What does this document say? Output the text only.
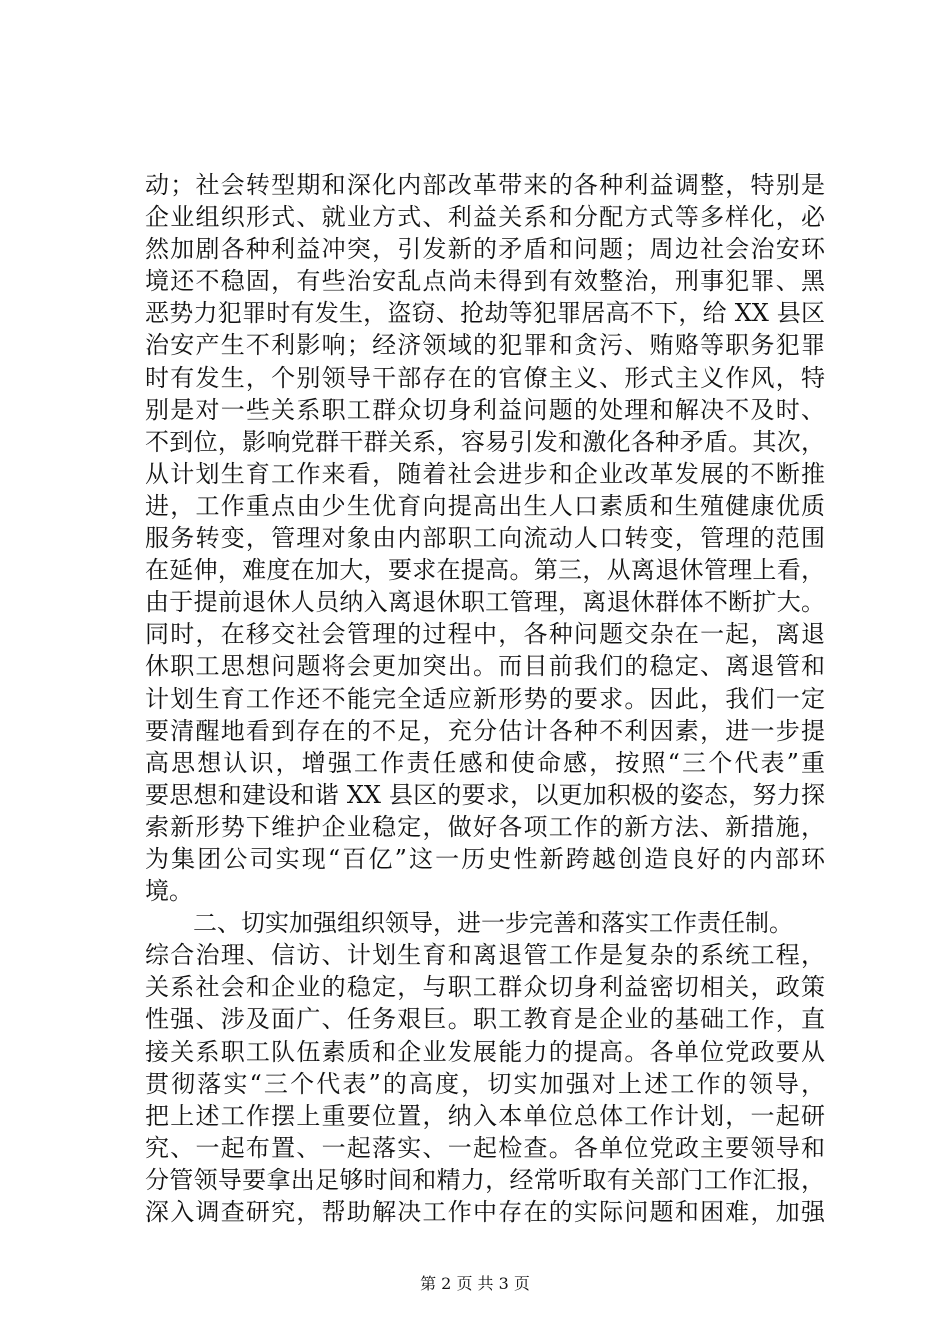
动；社会转型期和深化内部改革带来的各种利益调整，特别是
企业组织形式、就业方式、利益关系和分配方式等多样化，必
然加剧各种利益冲突，引发新的矛盾和问题；周边社会治安环
境还不稳固，有些治安乱点尚未得到有效整治，刑事犯罪、黑
恶势力犯罪时有发生，盗窃、抢劫等犯罪居高不下，给 XX 县区
治安产生不利影响；经济领域的犯罪和贪污、贿赂等职务犯罪
时有发生，个别领导干部存在的官僚主义、形式主义作风，特
别是对一些关系职工群众切身利益问题的处理和解决不及时、
不到位，影响党群干群关系，容易引发和激化各种矛盾。其次，
从计划生育工作来看，随着社会进步和企业改革发展的不断推
进，工作重点由少生优育向提高出生人口素质和生殖健康优质
服务转变，管理对象由内部职工向流动人口转变，管理的范围
在延伸，难度在加大，要求在提高。第三，从离退休管理上看，
由于提前退休人员纳入离退休职工管理，离退休群体不断扩大。
同时，在移交社会管理的过程中，各种问题交杂在一起，离退
休职工思想问题将会更加突出。而目前我们的稳定、离退管和
计划生育工作还不能完全适应新形势的要求。因此，我们一定
要清醒地看到存在的不足，充分估计各种不利因素，进一步提
高思想认识，增强工作责任感和使命感，按照“三个代表”重
要思想和建设和谐 XX 县区的要求，以更加积极的姿态，努力探
索新形势下维护企业稳定，做好各项工作的新方法、新措施，
为集团公司实现“百亿”这一历史性新跨越创造良好的内部环
境。
二、切实加强组织领导，进一步完善和落实工作责任制。
综合治理、信访、计划生育和离退管工作是复杂的系统工程，
关系社会和企业的稳定，与职工群众切身利益密切相关，政策
性强、涉及面广、任务艰巨。职工教育是企业的基础工作，直
接关系职工队伍素质和企业发展能力的提高。各单位党政要从
贯彻落实“三个代表”的高度，切实加强对上述工作的领导，
把上述工作摆上重要位置，纳入本单位总体工作计划，一起研
究、一起布置、一起落实、一起检查。各单位党政主要领导和
分管领导要拿出足够时间和精力，经常听取有关部门工作汇报，
深入调查研究，帮助解决工作中存在的实际问题和困难，加强
第 2 页 共 3 页
